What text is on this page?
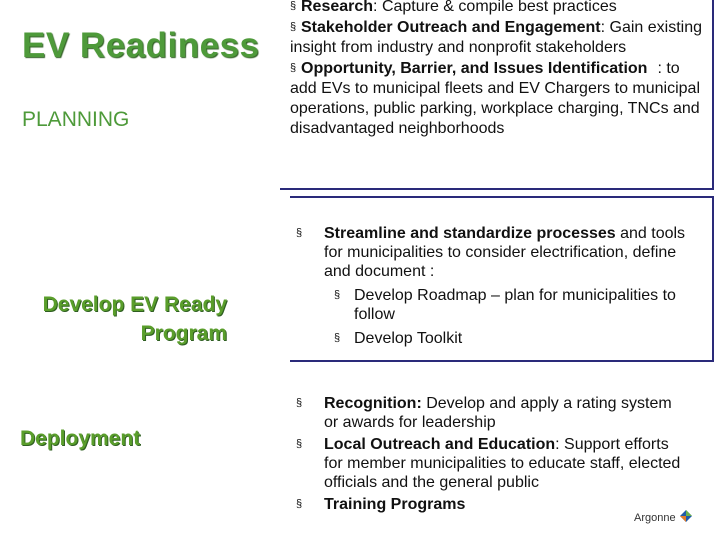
EV Readiness
PLANNING
Develop EV Ready
Program
Deployment
§ Research: Capture & compile best practices
§ Stakeholder Outreach and Engagement: Gain existing insight from industry and nonprofit stakeholders
§ Opportunity, Barrier, and Issues Identification : to add EVs to municipal fleets and EV Chargers to municipal operations, public parking, workplace charging, TNCs and disadvantaged neighborhoods
§ Streamline and standardize processes and tools for municipalities to consider electrification, define and document :
§ Develop Roadmap – plan for municipalities to follow
§ Develop Toolkit
§ Recognition: Develop and apply a rating system or awards for leadership
§ Local Outreach and Education: Support efforts for member municipalities to educate staff, elected officials and the general public
§ Training Programs
Argonne
